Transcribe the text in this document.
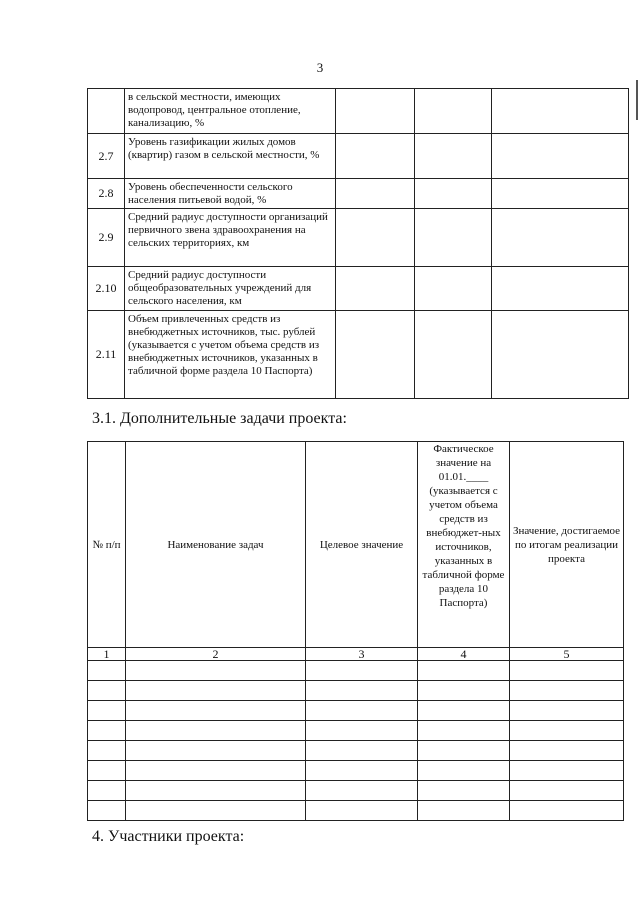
3
	в сельской местности, имеющих водопровод, центральное отопление, канализацию, %			
2.7	Уровень газификации жилых домов (квартир) газом в сельской местности, %			
2.8	Уровень обеспеченности сельского населения питьевой водой, %			
2.9	Средний радиус доступности организаций первичного звена здравоохранения на сельских территориях, км			
2.10	Средний радиус доступности общеобразовательных учреждений для сельского населения, км			
2.11	Объем привлеченных средств из внебюджетных источников, тыс. рублей (указывается с учетом объема средств из внебюджетных источников, указанных в табличной форме раздела 10 Паспорта)			
3.1. Дополнительные задачи проекта:
№ п/п	Наименование задач	Целевое значение	Фактическое значение на 01.01.____ (указывается с учетом объема средств из внебюджет-ных источников, указанных в табличной форме раздела 10 Паспорта)	Значение, достигаемое по итогам реализации проекта
1	2	3	4	5

4. Участники проекта:
